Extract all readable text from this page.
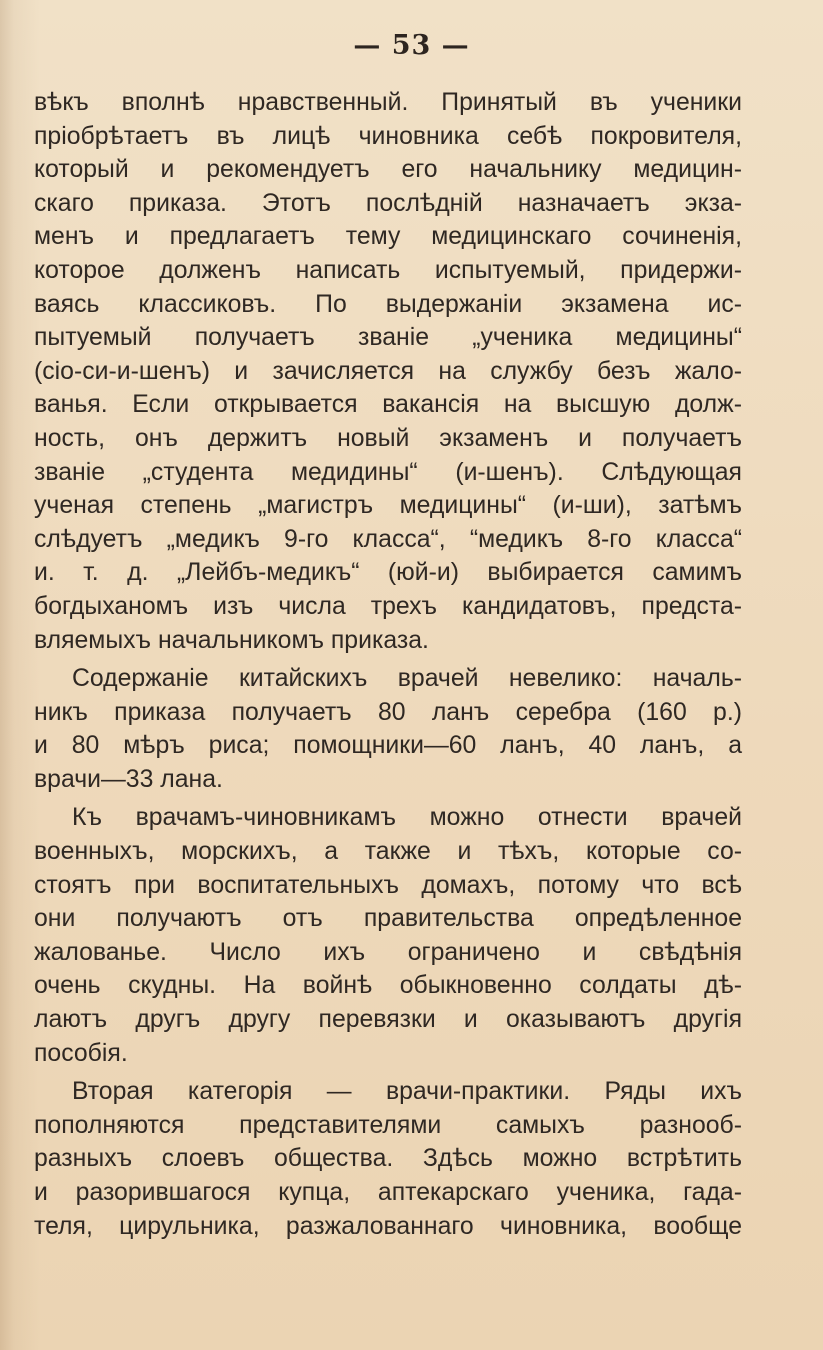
— 53 —
вѣкъ вполнѣ нравственный. Принятый въ ученики
пріобрѣтаетъ въ лицѣ чиновника себѣ покровителя,
который и рекомендуетъ его начальнику медицин-
скаго приказа. Этотъ послѣдній назначаетъ экза-
менъ и предлагаетъ тему медицинскаго сочиненія,
которое долженъ написать испытуемый, придержи-
ваясь классиковъ. По выдержаніи экзамена ис-
пытуемый получаетъ званіе „ученика медицины“
(сіо-си-и-шенъ) и зачисляется на службу безъ жало-
ванья. Если открывается вакансія на высшую долж-
ность, онъ держитъ новый экзаменъ и получаетъ
званіе „студента медидины“ (и-шенъ). Слѣдующая
ученая степень „магистръ медицины“ (и-ши), затѣмъ
слѣдуетъ „медикъ 9-го класса“, “медикъ 8-го класса“
и. т. д. „Лейбъ-медикъ“ (юй-и) выбирается самимъ
богдыханомъ изъ числа трехъ кандидатовъ, предста-
вляемыхъ начальникомъ приказа.
Содержаніе китайскихъ врачей невелико: началь-
никъ приказа получаетъ 80 ланъ серебра (160 р.)
и 80 мѣръ риса; помощники—60 ланъ, 40 ланъ, а
врачи—33 лана.
Къ врачамъ-чиновникамъ можно отнести врачей
военныхъ, морскихъ, а также и тѣхъ, которые со-
стоятъ при воспитательныхъ домахъ, потому что всѣ
они получаютъ отъ правительства опредѣленное
жалованье. Число ихъ ограничено и свѣдѣнія
очень скудны. На войнѣ обыкновенно солдаты дѣ-
лаютъ другъ другу перевязки и оказываютъ другія
пособія.
Вторая категорія — врачи-практики. Ряды ихъ
пополняются представителями самыхъ разнооб-
разныхъ слоевъ общества. Здѣсь можно встрѣтить
и разорившагося купца, аптекарскаго ученика, гада-
теля, цирульника, разжалованнаго чиновника, вообще
